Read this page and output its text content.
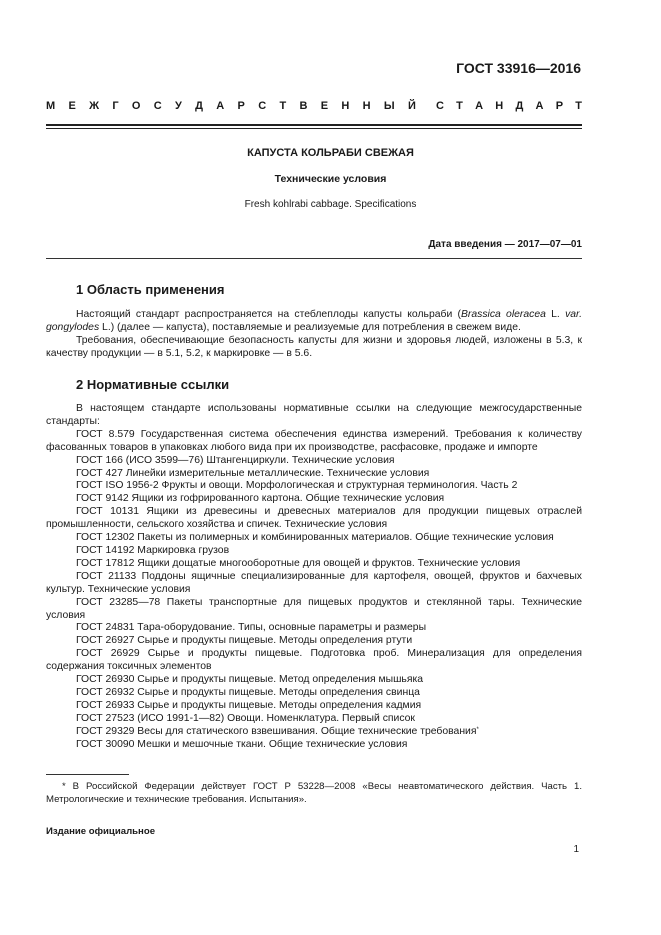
ГОСТ 33916—2016
М Е Ж Г О С У Д А Р С Т В Е Н Н Ы Й С Т А Н Д А Р Т
КАПУСТА КОЛЬРАБИ СВЕЖАЯ
Технические условия
Fresh kohlrabi cabbage. Specifications
Дата введения — 2017—07—01
1 Область применения

Настоящий стандарт распространяется на стеблеплоды капусты кольраби (Brassica oleracea L. var. gongylodes L.) (далее — капуста), поставляемые и реализуемые для потребления в свежем виде.

Требования, обеспечивающие безопасность капусты для жизни и здоровья людей, изложены в 5.3, к качеству продукции — в 5.1, 5.2, к маркировке — в 5.6.

2 Нормативные ссылки

В настоящем стандарте использованы нормативные ссылки на следующие межгосударственные стандарты:

ГОСТ 8.579 Государственная система обеспечения единства измерений. Требования к количеству фасованных товаров в упаковках любого вида при их производстве, расфасовке, продаже и импорте

ГОСТ 166 (ИСО 3599—76) Штангенциркули. Технические условия

ГОСТ 427 Линейки измерительные металлические. Технические условия

ГОСТ ISO 1956-2 Фрукты и овощи. Морфологическая и структурная терминология. Часть 2

ГОСТ 9142 Ящики из гофрированного картона. Общие технические условия

ГОСТ 10131 Ящики из древесины и древесных материалов для продукции пищевых отраслей промышленности, сельского хозяйства и спичек. Технические условия

ГОСТ 12302 Пакеты из полимерных и комбинированных материалов. Общие технические условия

ГОСТ 14192 Маркировка грузов

ГОСТ 17812 Ящики дощатые многооборотные для овощей и фруктов. Технические условия

ГОСТ 21133 Поддоны ящичные специализированные для картофеля, овощей, фруктов и бахчевых культур. Технические условия

ГОСТ 23285—78 Пакеты транспортные для пищевых продуктов и стеклянной тары. Технические условия

ГОСТ 24831 Тара-оборудование. Типы, основные параметры и размеры

ГОСТ 26927 Сырье и продукты пищевые. Методы определения ртути

ГОСТ 26929 Сырье и продукты пищевые. Подготовка проб. Минерализация для определения содержания токсичных элементов

ГОСТ 26930 Сырье и продукты пищевые. Метод определения мышьяка

ГОСТ 26932 Сырье и продукты пищевые. Методы определения свинца

ГОСТ 26933 Сырье и продукты пищевые. Методы определения кадмия

ГОСТ 27523 (ИСО 1991-1—82) Овощи. Номенклатура. Первый список

ГОСТ 29329 Весы для статического взвешивания. Общие технические требования*

ГОСТ 30090 Мешки и мешочные ткани. Общие технические условия

* В Российской Федерации действует ГОСТ Р 53228—2008 «Весы неавтоматического действия. Часть 1. Метрологические и технические требования. Испытания».

Издание официальное
1
